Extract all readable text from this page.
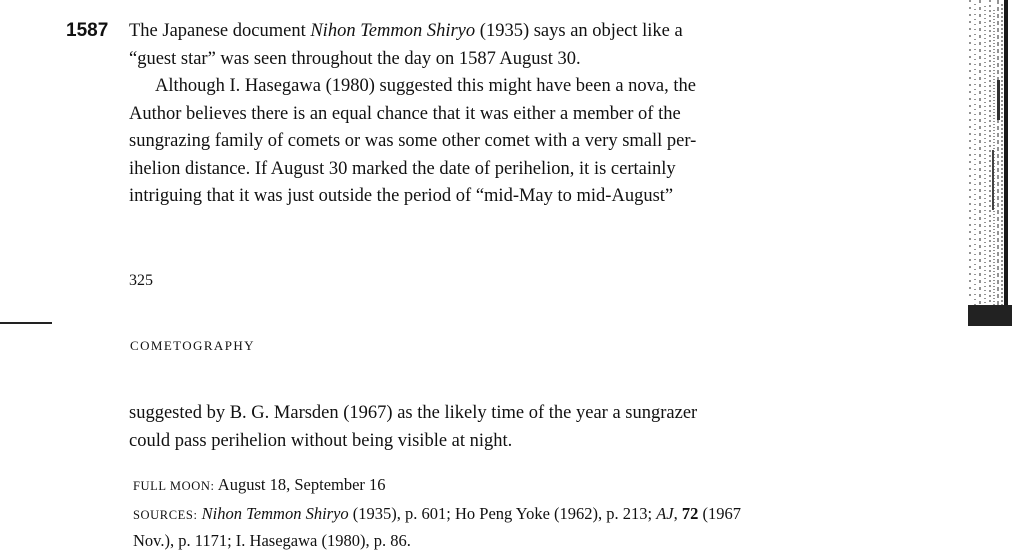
1587 The Japanese document Nihon Temmon Shiryo (1935) says an object like a
“guest star” was seen throughout the day on 1587 August 30.

Although I. Hasegawa (1980) suggested this might have been a nova, the
Author believes there is an equal chance that it was either a member of the
sungrazing family of comets or was some other comet with a very small per-
ihelion distance. If August 30 marked the date of perihelion, it is certainly
intriguing that it was just outside the period of “mid-May to mid-August”

325
COMETOGRAPHY

suggested by B. G. Marsden (1967) as the likely time of the year a sungrazer
could pass perihelion without being visible at night.

FULL MOON: August 18, September 16
SOURCES: Nihon Temmon Shiryo (1935), p. 601; Ho Peng Yoke (1962), p. 213; AJ, 72 (1967
Nov.), p. 1171; I. Hasegawa (1980), p. 86.
